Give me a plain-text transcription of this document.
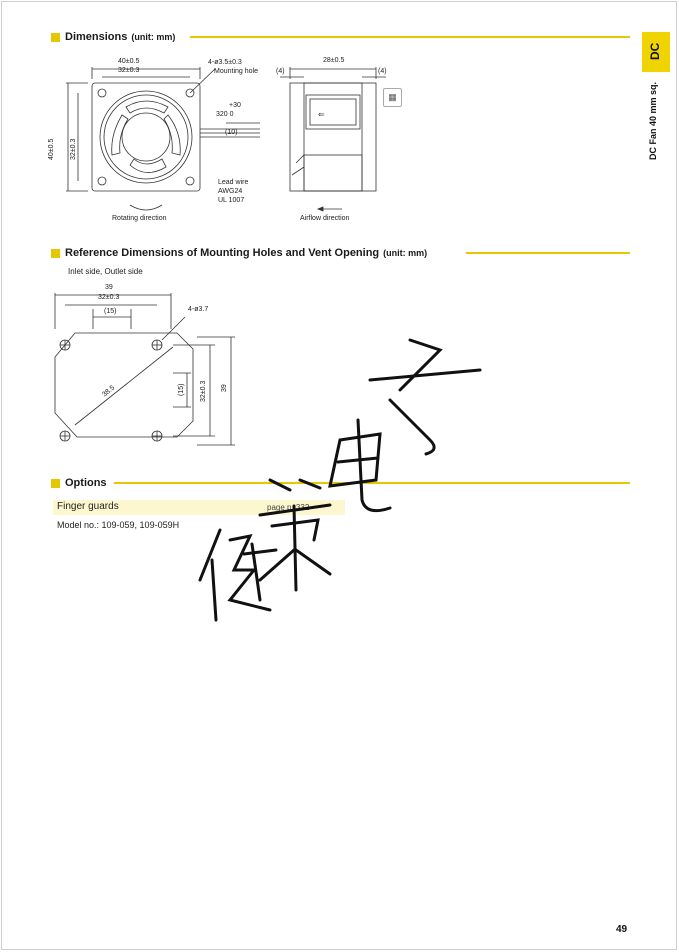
DC
DC Fan 40 mm sq.
Dimensions (unit: mm)
40±0.5
32±0.3
4-ø3.5±0.3
Mounting hole
40±0.5 32±0.3
+30
320 0
(10)
Lead wire
AWG24
UL 1007
Rotating direction
⇐
▦
28±0.5
(4)	(4)
Airflow direction
Reference Dimensions of Mounting Holes and Vent Opening (unit: mm)
Inlet side, Outlet side
39
32±0.3
(15)	4-ø3.7
38.5	(15) 32±0.3 39
Options
Finger guards	page p. 332
Model no.: 109-059, 109-059H
49
